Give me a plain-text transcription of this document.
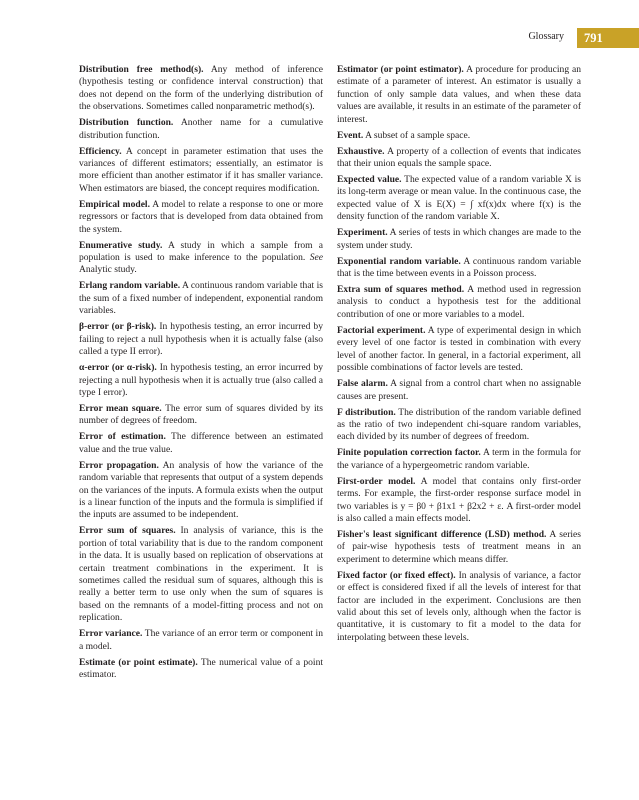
Glossary	791

Distribution free method(s). Any method of inference (hypothesis testing or confidence interval construction) that does not depend on the form of the underlying distribution of the observations. Sometimes called nonparametric method(s).

Distribution function. Another name for a cumulative distribution function.

Efficiency. A concept in parameter estimation that uses the variances of different estimators; essentially, an estimator is more efficient than another estimator if it has smaller variance. When estimators are biased, the concept requires modification.

Empirical model. A model to relate a response to one or more regressors or factors that is developed from data obtained from the system.

Enumerative study. A study in which a sample from a population is used to make inference to the population. See Analytic study.

Erlang random variable. A continuous random variable that is the sum of a fixed number of independent, exponential random variables.

β-error (or β-risk). In hypothesis testing, an error incurred by failing to reject a null hypothesis when it is actually false (also called a type II error).

α-error (or α-risk). In hypothesis testing, an error incurred by rejecting a null hypothesis when it is actually true (also called a type I error).

Error mean square. The error sum of squares divided by its number of degrees of freedom.

Error of estimation. The difference between an estimated value and the true value.

Error propagation. An analysis of how the variance of the random variable that represents that output of a system depends on the variances of the inputs. A formula exists when the output is a linear function of the inputs and the formula is simplified if the inputs are assumed to be independent.

Error sum of squares. In analysis of variance, this is the portion of total variability that is due to the random component in the data. It is usually based on replication of observations at certain treatment combinations in the experiment. It is sometimes called the residual sum of squares, although this is really a better term to use only when the sum of squares is based on the remnants of a model-fitting process and not on replication.

Error variance. The variance of an error term or component in a model.

Estimate (or point estimate). The numerical value of a point estimator.

Estimator (or point estimator). A procedure for producing an estimate of a parameter of interest. An estimator is usually a function of only sample data values, and when these data values are available, it results in an estimate of the parameter of interest.

Event. A subset of a sample space.

Exhaustive. A property of a collection of events that indicates that their union equals the sample space.

Expected value. The expected value of a random variable X is its long-term average or mean value. In the continuous case, the expected value of X is E(X) = ∫ xf(x)dx where f(x) is the density function of the random variable X.

Experiment. A series of tests in which changes are made to the system under study.

Exponential random variable. A continuous random variable that is the time between events in a Poisson process.

Extra sum of squares method. A method used in regression analysis to conduct a hypothesis test for the additional contribution of one or more variables to a model.

Factorial experiment. A type of experimental design in which every level of one factor is tested in combination with every level of another factor. In general, in a factorial experiment, all possible combinations of factor levels are tested.

False alarm. A signal from a control chart when no assignable causes are present.

F distribution. The distribution of the random variable defined as the ratio of two independent chi-square random variables, each divided by its number of degrees of freedom.

Finite population correction factor. A term in the formula for the variance of a hypergeometric random variable.

First-order model. A model that contains only first-order terms. For example, the first-order response surface model in two variables is y = β0 + β1x1 + β2x2 + ε. A first-order model is also called a main effects model.

Fisher's least significant difference (LSD) method. A series of pair-wise hypothesis tests of treatment means in an experiment to determine which means differ.

Fixed factor (or fixed effect). In analysis of variance, a factor or effect is considered fixed if all the levels of interest for that factor are included in the experiment. Conclusions are then valid about this set of levels only, although when the factor is quantitative, it is customary to fit a model to the data for interpolating between these levels.
